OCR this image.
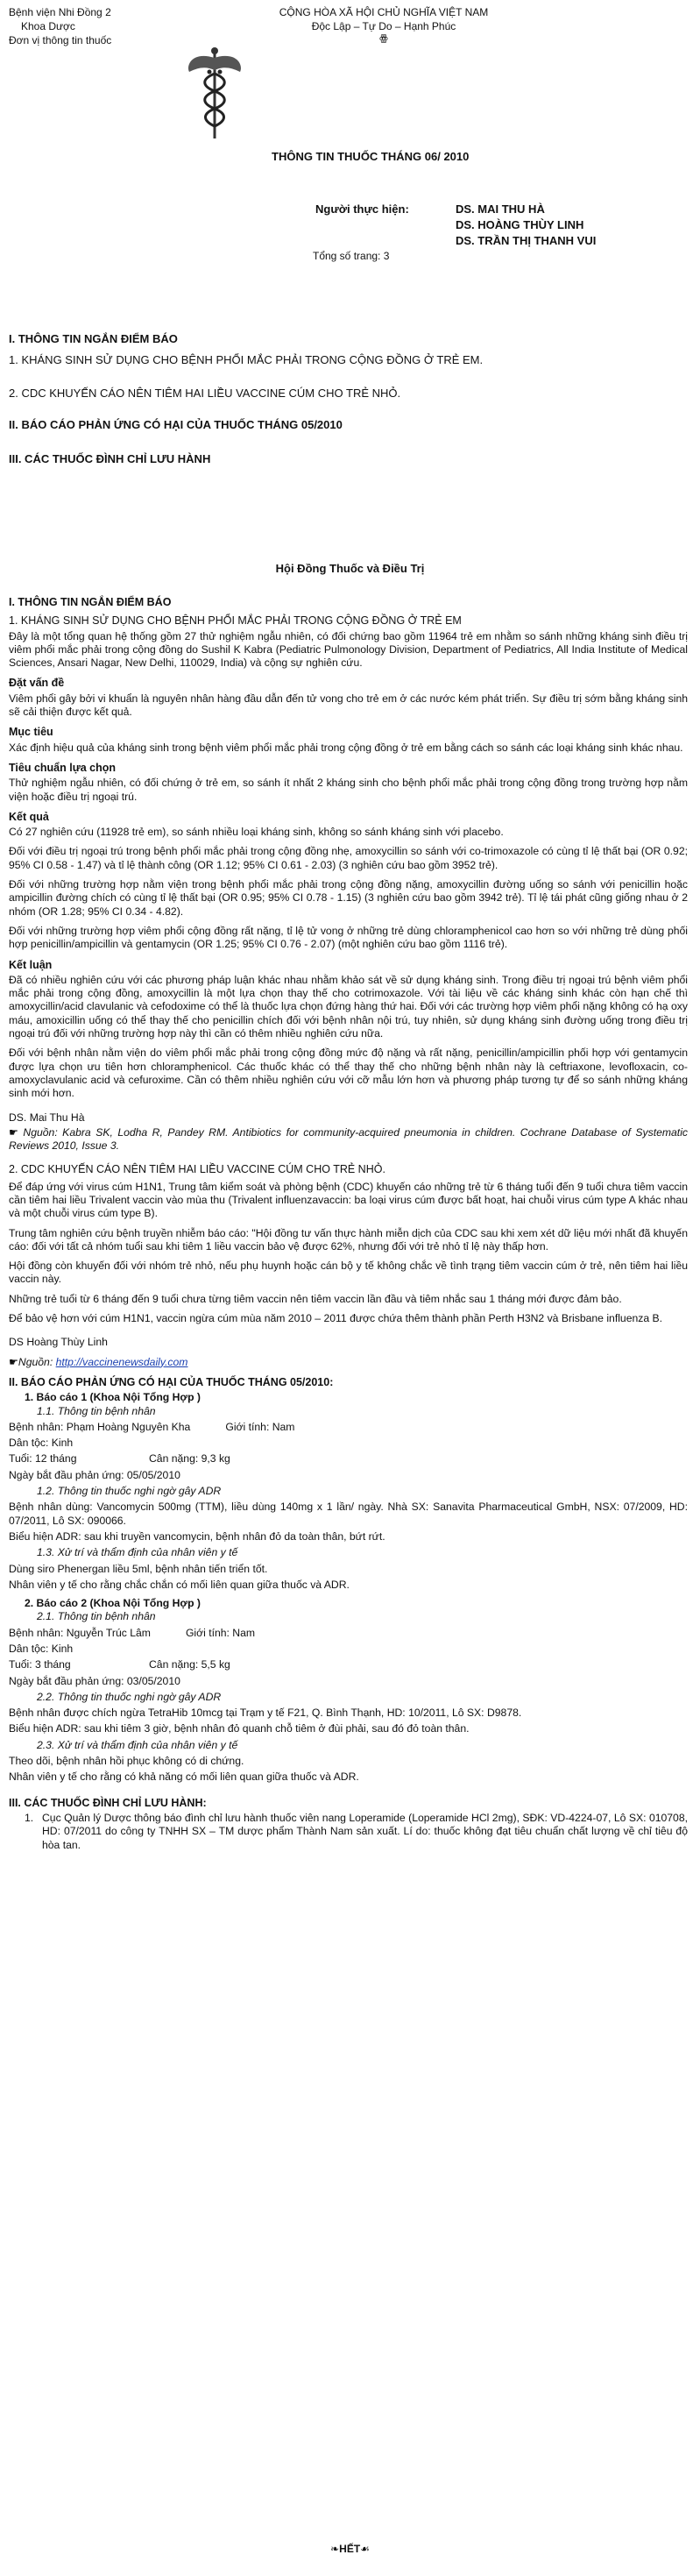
Bệnh viện Nhi Đồng 2
Khoa Dược
Đơn vị thông tin thuốc
CỘNG HÒA XÃ HỘI CHỦ NGHĨA VIỆT NAM
Độc Lập – Tự Do – Hạnh Phúc
ꙮ
THÔNG TIN THUỐC THÁNG 06/ 2010
Người thực hiện:	DS. MAI THU HÀ
DS. HOÀNG THÙY LINH
DS. TRẦN THỊ THANH VUI
Tổng số trang: 3
I. THÔNG TIN NGẮN ĐIỂM BÁO
1. KHÁNG SINH SỬ DỤNG CHO BỆNH PHỔI MẮC PHẢI TRONG CỘNG ĐỒNG Ở TRẺ EM.
2. CDC KHUYẾN CÁO NÊN TIÊM HAI LIỀU VACCINE CÚM CHO TRẺ NHỎ.
II. BÁO CÁO PHẢN ỨNG CÓ HẠI CỦA THUỐC THÁNG 05/2010
III. CÁC THUỐC ĐÌNH CHỈ LƯU HÀNH
Hội Đồng Thuốc và Điều Trị
I. THÔNG TIN NGẮN ĐIỂM BÁO
1. KHÁNG SINH SỬ DỤNG CHO BỆNH PHỔI MẮC PHẢI TRONG CỘNG ĐỒNG Ở TRẺ EM

Đây là một tổng quan hệ thống gồm 27 thử nghiệm ngẫu nhiên, có đối chứng bao gồm 11964 trẻ em nhằm so sánh những kháng sinh điều trị viêm phổi mắc phải trong cộng đồng do Sushil K Kabra (Pediatric Pulmonology Division, Department of Pediatrics, All India Institute of Medical Sciences, Ansari Nagar, New Delhi, 110029, India) và cộng sự nghiên cứu.

Đặt vấn đề

Viêm phổi gây bởi vi khuẩn là nguyên nhân hàng đầu dẫn đến tử vong cho trẻ em ở các nước kém phát triển. Sự điều trị sớm bằng kháng sinh sẽ cải thiện được kết quả.

Mục tiêu

Xác định hiệu quả của kháng sinh trong bệnh viêm phổi mắc phải trong cộng đồng ở trẻ em bằng cách so sánh các loại kháng sinh khác nhau.

Tiêu chuẩn lựa chọn

Thử nghiệm ngẫu nhiên, có đối chứng ở trẻ em, so sánh ít nhất 2 kháng sinh cho bệnh phổi mắc phải trong cộng đồng trong trường hợp nằm viện hoặc điều trị ngoại trú.

Kết quả

Có 27 nghiên cứu (11928 trẻ em), so sánh nhiều loại kháng sinh, không so sánh kháng sinh với placebo.

Đối với điều trị ngoại trú trong bệnh phổi mắc phải trong cộng đồng nhẹ, amoxycillin so sánh với co-trimoxazole có cùng tỉ lệ thất bại (OR 0.92; 95% CI 0.58 - 1.47) và tỉ lệ thành công (OR 1.12; 95% CI 0.61 - 2.03) (3 nghiên cứu bao gồm 3952 trẻ).

Đối với những trường hợp nằm viện trong bệnh phổi mắc phải trong cộng đồng nặng, amoxycillin đường uống so sánh với penicillin hoặc ampicillin đường chích có cùng tỉ lệ thất bại (OR 0.95; 95% CI 0.78 - 1.15) (3 nghiên cứu bao gồm 3942 trẻ). Tỉ lệ tái phát cũng giống nhau ở 2 nhóm (OR 1.28; 95% CI 0.34 - 4.82).

Đối với những trường hợp viêm phổi cộng đồng rất nặng, tỉ lệ tử vong ở những trẻ dùng chloramphenicol cao hơn so với những trẻ dùng phối hợp penicillin/ampicillin và gentamycin (OR 1.25; 95% CI 0.76 - 2.07) (một nghiên cứu bao gồm 1116 trẻ).

Kết luận

Đã có nhiều nghiên cứu với các phương pháp luận khác nhau nhằm khảo sát về sử dụng kháng sinh. Trong điều trị ngoại trú bệnh viêm phổi mắc phải trong cộng đồng, amoxycillin là một lựa chọn thay thế cho cotrimoxazole. Với tài liệu về các kháng sinh khác còn hạn chế thì amoxycillin/acid clavulanic và cefodoxime có thể là thuốc lựa chọn đứng hàng thứ hai. Đối với các trường hợp viêm phổi nặng không có hạ oxy máu, amoxicillin uống có thể thay thế cho penicillin chích đối với bệnh nhân nội trú, tuy nhiên, sử dụng kháng sinh đường uống trong điều trị ngoại trú đối với những trường hợp này thì cần có thêm nhiều nghiên cứu nữa.

Đối với bệnh nhân nằm viện do viêm phổi mắc phải trong cộng đồng mức độ nặng và rất nặng, penicillin/ampicillin phối hợp với gentamycin được lựa chọn ưu tiên hơn chloramphenicol. Các thuốc khác có thể thay thế cho những bệnh nhân này là ceftriaxone, levofloxacin, co-amoxyclavulanic acid và cefuroxime. Cần có thêm nhiều nghiên cứu với cỡ mẫu lớn hơn và phương pháp tương tự để so sánh những kháng sinh mới hơn.

DS. Mai Thu Hà

☛ Nguồn: Kabra SK, Lodha R, Pandey RM. Antibiotics for community-acquired pneumonia in children. Cochrane Database of Systematic Reviews 2010, Issue 3.

2. CDC KHUYẾN CÁO NÊN TIÊM HAI LIỀU VACCINE CÚM CHO TRẺ NHỎ.

Để đáp ứng với virus cúm H1N1, Trung tâm kiểm soát và phòng bệnh (CDC) khuyến cáo những trẻ từ 6 tháng tuổi đến 9 tuổi chưa tiêm vaccin cần tiêm hai liều Trivalent vaccin vào mùa thu (Trivalent influenzavaccin: ba loại virus cúm được bất hoạt, hai chuỗi virus cúm type A khác nhau và một chuỗi virus cúm type B).

Trung tâm nghiên cứu bệnh truyền nhiễm báo cáo: "Hội đồng tư vấn thực hành miễn dịch của CDC sau khi xem xét dữ liệu mới nhất đã khuyến cáo: đối với tất cả nhóm tuổi sau khi tiêm 1 liều vaccin bảo vệ được 62%, nhưng đối với trẻ nhỏ tỉ lệ này thấp hơn.

Hội đồng còn khuyến đối với nhóm trẻ nhỏ, nếu phụ huynh hoặc cán bộ y tế không chắc về tình trạng tiêm vaccin cúm ở trẻ, nên tiêm hai liều vaccin này.

Những trẻ tuổi từ 6 tháng đến 9 tuổi chưa từng tiêm vaccin nên tiêm vaccin lần đầu và tiêm nhắc sau 1 tháng mới được đảm bảo.

Để bảo vệ hơn với cúm H1N1, vaccin ngừa cúm mùa năm 2010 – 2011 được chứa thêm thành phần Perth H3N2 và Brisbane influenza B.

DS Hoàng Thùy Linh

☛Nguồn: http://vaccinenewsdaily.com

II. BÁO CÁO PHẢN ỨNG CÓ HẠI CỦA THUỐC THÁNG 05/2010:
1. Báo cáo 1 (Khoa Nội Tổng Hợp )
1.1. Thông tin bệnh nhân
Bệnh nhân: Phạm Hoàng Nguyên Kha	Giới tính: Nam
Dân tộc: Kinh
Tuổi: 12 tháng	Cân nặng: 9,3 kg
Ngày bắt đầu phản ứng: 05/05/2010
1.2. Thông tin thuốc nghi ngờ gây ADR
Bệnh nhân dùng: Vancomycin 500mg (TTM), liều dùng 140mg x 1 lần/ ngày. Nhà SX: Sanavita Pharmaceutical GmbH, NSX: 07/2009, HD: 07/2011, Lô SX: 090066.
Biểu hiện ADR: sau khi truyền vancomycin, bệnh nhân đỏ da toàn thân, bứt rứt.
1.3. Xử trí và thẩm định của nhân viên y tế
Dùng siro Phenergan liều 5ml, bệnh nhân tiến triển tốt.
Nhân viên y tế cho rằng chắc chắn có mối liên quan giữa thuốc và ADR.
2. Báo cáo 2 (Khoa Nội Tổng Hợp )
2.1. Thông tin bệnh nhân
Bệnh nhân: Nguyễn Trúc Lâm	Giới tính: Nam
Dân tộc: Kinh
Tuổi: 3 tháng	Cân nặng: 5,5 kg
Ngày bắt đầu phản ứng: 03/05/2010
2.2. Thông tin thuốc nghi ngờ gây ADR
Bệnh nhân được chích ngừa TetraHib 10mcg tại Trạm y tế F21, Q. Bình Thạnh, HD: 10/2011, Lô SX: D9878.
Biểu hiện ADR: sau khi tiêm 3 giờ, bệnh nhân đỏ quanh chỗ tiêm ở đùi phải, sau đó đỏ toàn thân.
2.3. Xử trí và thẩm định của nhân viên y tế
Theo dõi, bệnh nhân hồi phục không có di chứng.
Nhân viên y tế cho rằng có khả năng có mối liên quan giữa thuốc và ADR.
III. CÁC THUỐC ĐÌNH CHỈ LƯU HÀNH:
1. Cục Quản lý Dược thông báo đình chỉ lưu hành thuốc viên nang Loperamide (Loperamide HCl 2mg), SĐK: VD-4224-07, Lô SX: 010708, HD: 07/2011 do công ty TNHH SX – TM dược phẩm Thành Nam sản xuất. Lí do: thuốc không đạt tiêu chuẩn chất lượng về chỉ tiêu độ hòa tan.
❧HẾT☙
